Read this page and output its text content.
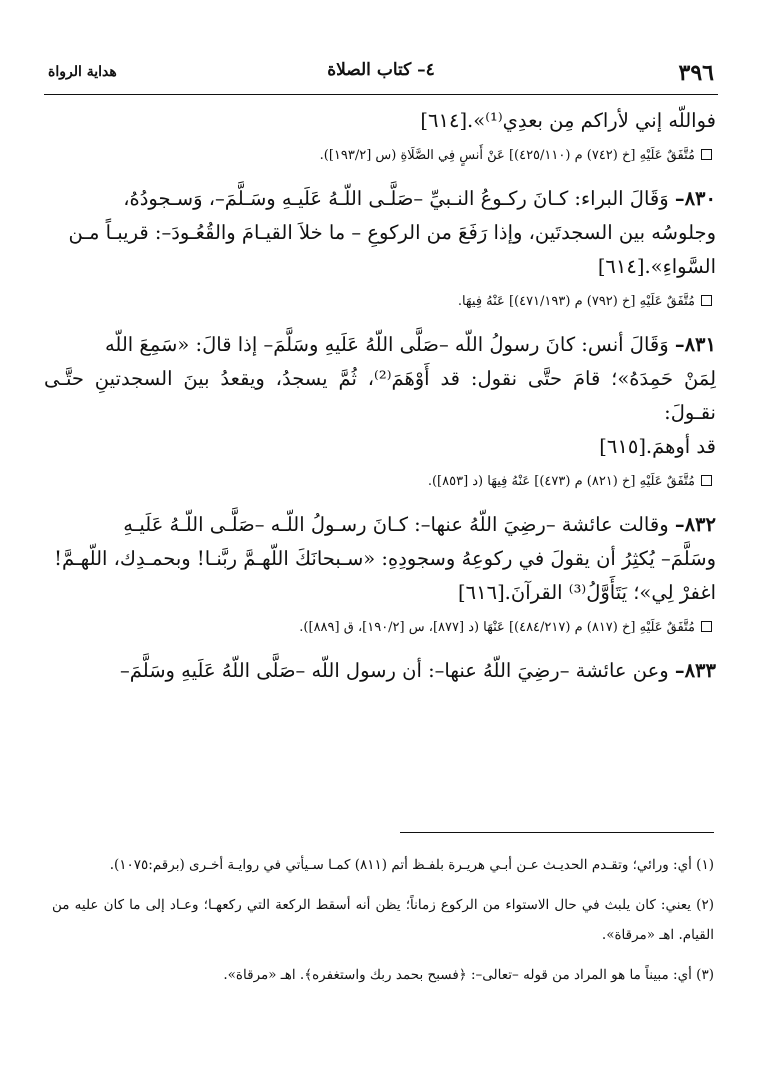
٣٩٦
٤– كتاب الصلاة
هداية الرواة

فواللّه إني لأراكم مِن بعدِي⁽¹⁾».[٦١٤]

مُتَّفَقٌ عَلَيْهِ [خ (٧٤٢) م (٤٢٥/١١٠)] عَنْ أَنسٍ فِي الصَّلَاةِ (س [١٩٣/٢]).

٨٣٠– وَقَالَ البراء: كـانَ ركـوعُ النـبيِّ –صَلَّـى اللّـهُ عَلَيـهِ وسَـلَّمَ–، وَسـجودُهُ،

وجلوسُه بين السجدتَين، وإذا رَفَعَ من الركوعِ – ما خلاَ القيـامَ والقُعُـودَ–: قريبـاً مـن

السَّواءِ».[٦١٤]

مُتَّفَقٌ عَلَيْهِ [خ (٧٩٢) م (٤٧١/١٩٣)] عَنْهُ فِيهَا.

٨٣١– وَقَالَ أنس: كانَ رسولُ اللّه –صَلَّى اللّهُ عَلَيهِ وسَلَّمَ– إذا قالَ: «سَمِعَ اللّه

لِمَنْ حَمِدَهُ»؛ قامَ حتَّى نقول: قد أَوْهَمَ⁽²⁾، ثُمَّ يسجدُ، ويقعدُ بينَ السجدتينِ حتَّـى نقـولَ:

قد أوهمَ.[٦١٥]

مُتَّفَقٌ عَلَيْهِ [خ (٨٢١) م (٤٧٣)] عَنْهُ فِيهَا (د [٨٥٣]).

٨٣٢– وقالت عائشة –رضِيَ اللّهُ عنها–: كـانَ رسـولُ اللّـه –صَلَّـى اللّـهُ عَلَيـهِ

وسَلَّمَ– يُكثِرُ أن يقولَ في ركوعِهُ وسجودِهِ: «سـبحانَكَ اللّهـمَّ ربَّنـا! وبحمـدِك، اللّهـمَّ!

اغفرْ لِي»؛ يَتَأَوَّلُ⁽³⁾ القرآنَ.[٦١٦]

مُتَّفَقٌ عَلَيْهِ [خ (٨١٧) م (٤٨٤/٢١٧)] عَنْهَا (د [٨٧٧]، س [١٩٠/٢]، ق [٨٨٩]).

٨٣٣– وعن عائشة –رضِيَ اللّهُ عنها–: أن رسول اللّه –صَلَّى اللّهُ عَلَيهِ وسَلَّمَ–

(١) أي: ورائي؛ وتقـدم الحديـث عـن أبـي هريـرة بلفـظ أتم (٨١١) كمـا سـيأتي في روايـة أخـرى (برقم:١٠٧٥).

(٢) يعني: كان يلبث في حال الاستواء من الركوع زماناً؛ يظن أنه أسقط الركعة التي ركعهـا؛ وعـاد إلى ما كان عليه من القيام. اهـ «مرقاة».

(٣) أي: مبيناً ما هو المراد من قوله –تعالى–: ﴿فسبح بحمد ربك واستغفره﴾. اهـ «مرقاة».
